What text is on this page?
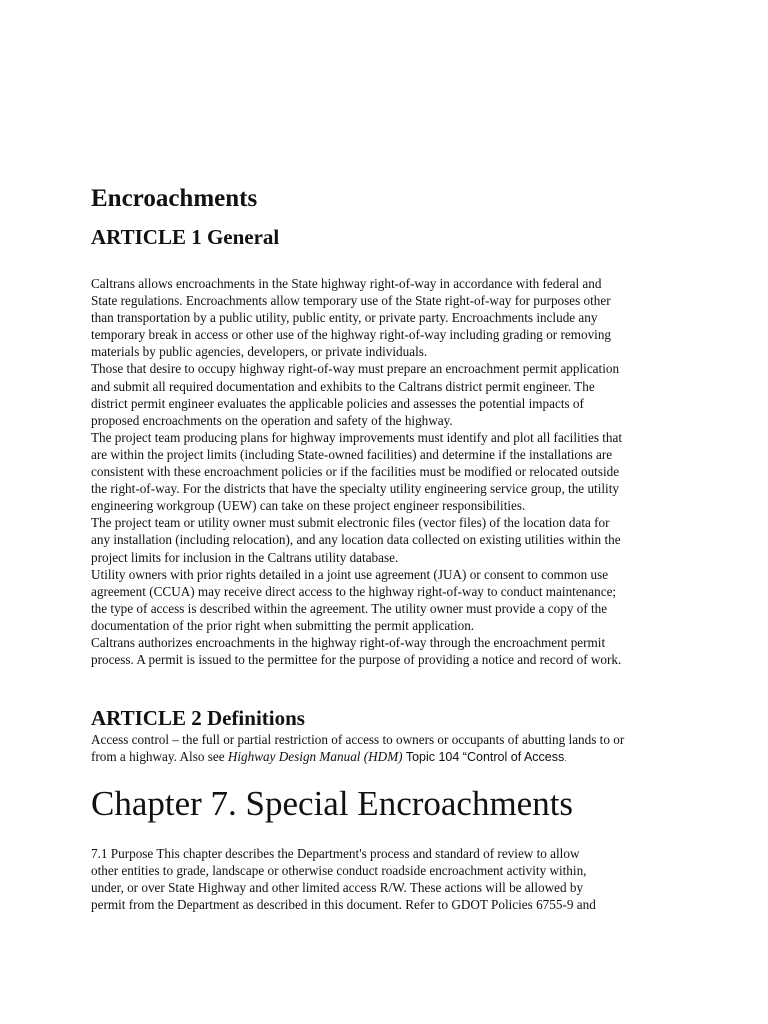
Encroachments
ARTICLE 1 General
Caltrans allows encroachments in the State highway right-of-way in accordance with federal and
State regulations. Encroachments allow temporary use of the State right-of-way for purposes other
than transportation by a public utility, public entity, or private party. Encroachments include any
temporary break in access or other use of the highway right-of-way including grading or removing
materials by public agencies, developers, or private individuals.
Those that desire to occupy highway right-of-way must prepare an encroachment permit application
and submit all required documentation and exhibits to the Caltrans district permit engineer. The
district permit engineer evaluates the applicable policies and assesses the potential impacts of
proposed encroachments on the operation and safety of the highway.
The project team producing plans for highway improvements must identify and plot all facilities that
are within the project limits (including State-owned facilities) and determine if the installations are
consistent with these encroachment policies or if the facilities must be modified or relocated outside
the right-of-way. For the districts that have the specialty utility engineering service group, the utility
engineering workgroup (UEW) can take on these project engineer responsibilities.
The project team or utility owner must submit electronic files (vector files) of the location data for
any installation (including relocation), and any location data collected on existing utilities within the
project limits for inclusion in the Caltrans utility database.
Utility owners with prior rights detailed in a joint use agreement (JUA) or consent to common use
agreement (CCUA) may receive direct access to the highway right-of-way to conduct maintenance;
the type of access is described within the agreement. The utility owner must provide a copy of the
documentation of the prior right when submitting the permit application.
Caltrans authorizes encroachments in the highway right-of-way through the encroachment permit
process. A permit is issued to the permittee for the purpose of providing a notice and record of work.
ARTICLE 2 Definitions
Access control – the full or partial restriction of access to owners or occupants of abutting lands to or
from a highway. Also see Highway Design Manual (HDM) Topic 104 “Control of Access.
Chapter 7. Special Encroachments
7.1 Purpose This chapter describes the Department's process and standard of review to allow
other entities to grade, landscape or otherwise conduct roadside encroachment activity within,
under, or over State Highway and other limited access R/W. These actions will be allowed by
permit from the Department as described in this document. Refer to GDOT Policies 6755-9 and
